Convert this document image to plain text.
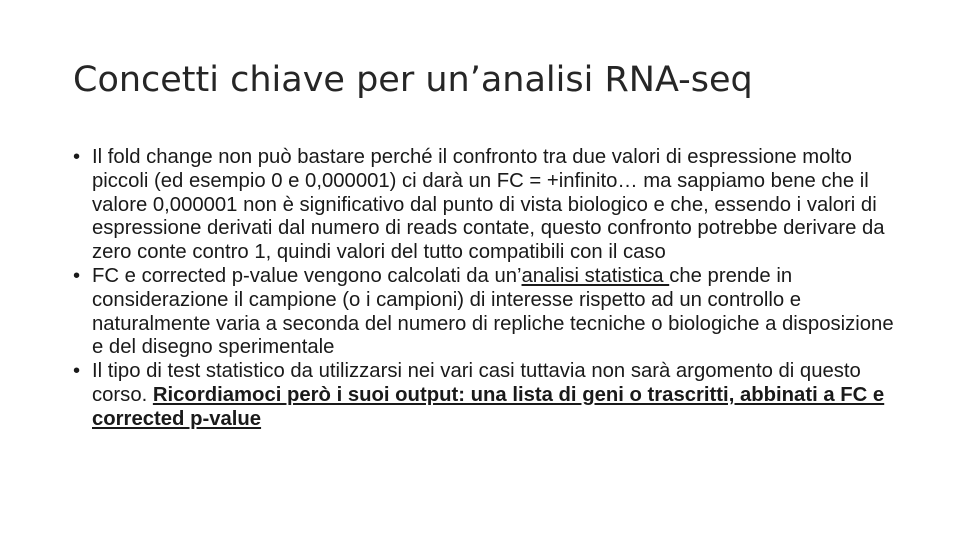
Concetti chiave per un’analisi RNA-seq
• Il fold change non può bastare perché il confronto tra due valori di espressione molto piccoli (ed esempio 0 e 0,000001) ci darà un FC = +infinito… ma sappiamo bene che il valore 0,000001 non è significativo dal punto di vista biologico e che, essendo i valori di espressione derivati dal numero di reads contate, questo confronto potrebbe derivare da zero conte contro 1, quindi valori del tutto compatibili con il caso
• FC e corrected p-value vengono calcolati da un’analisi statistica che prende in considerazione il campione (o i campioni) di interesse rispetto ad un controllo e naturalmente varia a seconda del numero di repliche tecniche o biologiche a disposizione e del disegno sperimentale
• Il tipo di test statistico da utilizzarsi nei vari casi tuttavia non sarà argomento di questo corso. Ricordiamoci però i suoi output: una lista di geni o trascritti, abbinati a FC e corrected p-value
